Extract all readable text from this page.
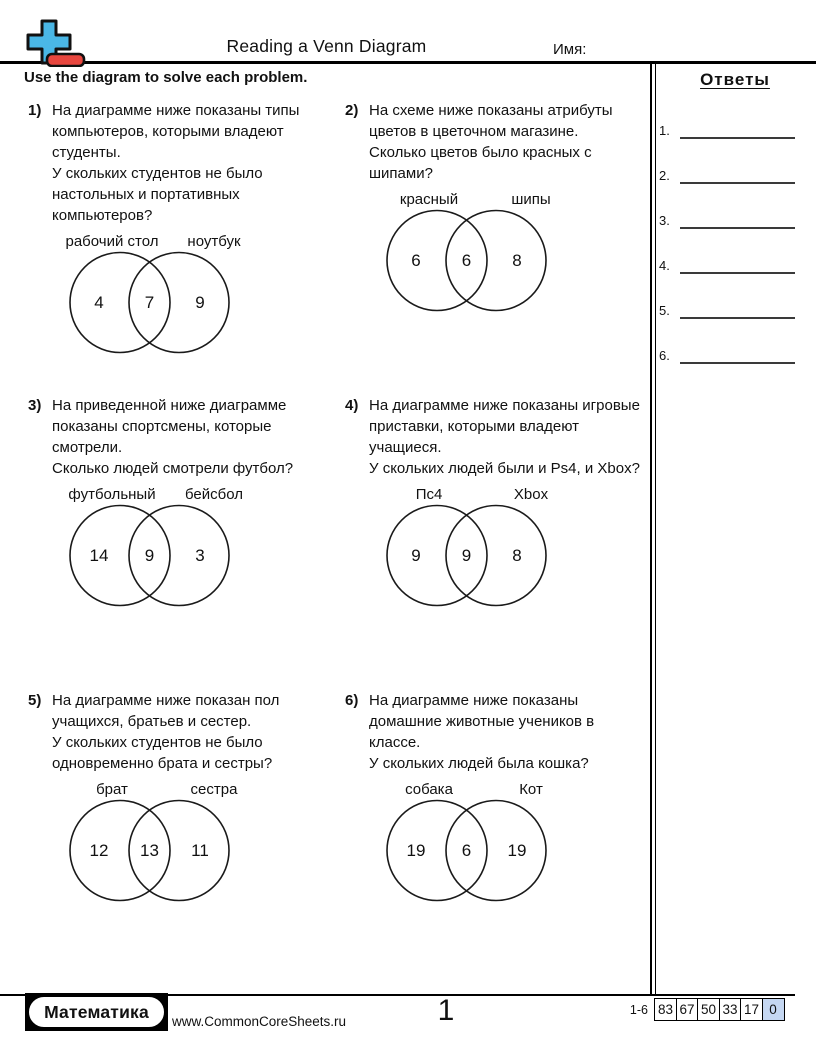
Reading a Venn Diagram	Имя:
Use the diagram to solve each problem.	Ответы
1.
2.
3.
4.
5.
6.
1) На диаграмме ниже показаны типы компьютеров, которыми владеют студенты.
У скольких студентов не было настольных и портативных компьютеров?
рабочий стол ноутбук
4 7 9
2) На схеме ниже показаны атрибуты цветов в цветочном магазине.
Сколько цветов было красных с шипами?
красный	шипы
6 6 8
3) На приведенной ниже диаграмме показаны спортсмены, которые смотрели.
Сколько людей смотрели футбол?
футбольный бейсбол
14 9 3
4) На диаграмме ниже показаны игровые приставки, которыми владеют учащиеся.
У скольких людей были и Ps4, и Xbox?
Пс4	Xbox
9 9 8
5) На диаграмме ниже показан пол учащихся, братьев и сестер.
У скольких студентов не было одновременно брата и сестры?
брат	сестра
12 13 11
6) На диаграмме ниже показаны домашние животные учеников в классе.
У скольких людей была кошка?
собака	Кот
19 6 19
Математика	www.CommonCoreSheets.ru	1	1-6 83 67 50 33 17 0
